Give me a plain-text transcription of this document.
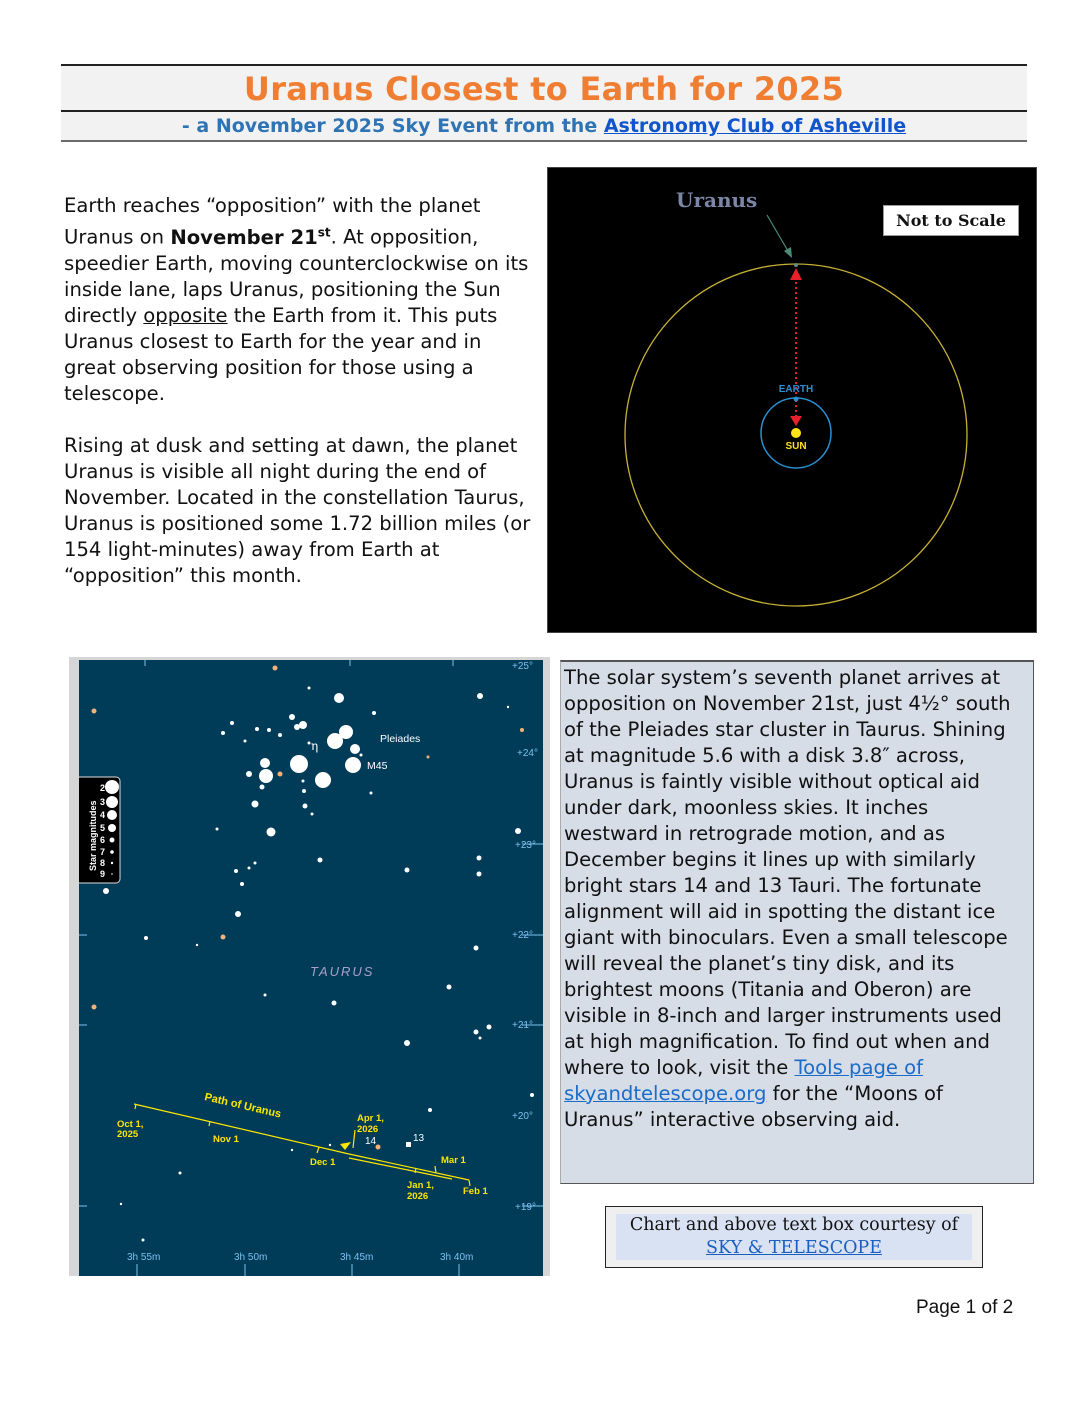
Uranus Closest to Earth for 2025
- a November 2025 Sky Event from the Astronomy Club of Asheville

Earth reaches “opposition” with the planet Uranus on November 21st. At opposition, speedier Earth, moving counterclockwise on its inside lane, laps Uranus, positioning the Sun directly opposite the Earth from it. This puts Uranus closest to Earth for the year and in great observing position for those using a telescope.

Rising at dusk and setting at dawn, the planet Uranus is visible all night during the end of November. Located in the constellation Taurus, Uranus is positioned some 1.72 billion miles (or 154 light-minutes) away from Earth at “opposition” this month.

EARTH
SUN
Uranus
Not to Scale
η	Pleiades
M45
TAURUS
+25°
+24°
+23°
+22°
+21°
+20°
+19°
3h 55m	3h 50m	3h 45m	3h 40m
Path of Uranus
Oct 1,
2025	Nov 1
Dec 1
Jan 1,
2026	Feb 1
Mar 1
Apr 1,
2026
14	13
Star magnitudes
2
3
4
5
6
7
8
9
The solar system’s seventh planet arrives at opposition on November 21st, just 4½° south of the Pleiades star cluster in Taurus. Shining at magnitude 5.6 with a disk 3.8″ across, Uranus is faintly visible without optical aid under dark, moonless skies. It inches westward in retrograde motion, and as December begins it lines up with similarly bright stars 14 and 13 Tauri. The fortunate alignment will aid in spotting the distant ice giant with binoculars. Even a small telescope will reveal the planet’s tiny disk, and its brightest moons (Titania and Oberon) are visible in 8-inch and larger instruments used at high magnification. To find out when and where to look, visit the Tools page of skyandtelescope.org for the “Moons of Uranus” interactive observing aid.
Chart and above text box courtesy of
SKY & TELESCOPE
Page 1 of 2
